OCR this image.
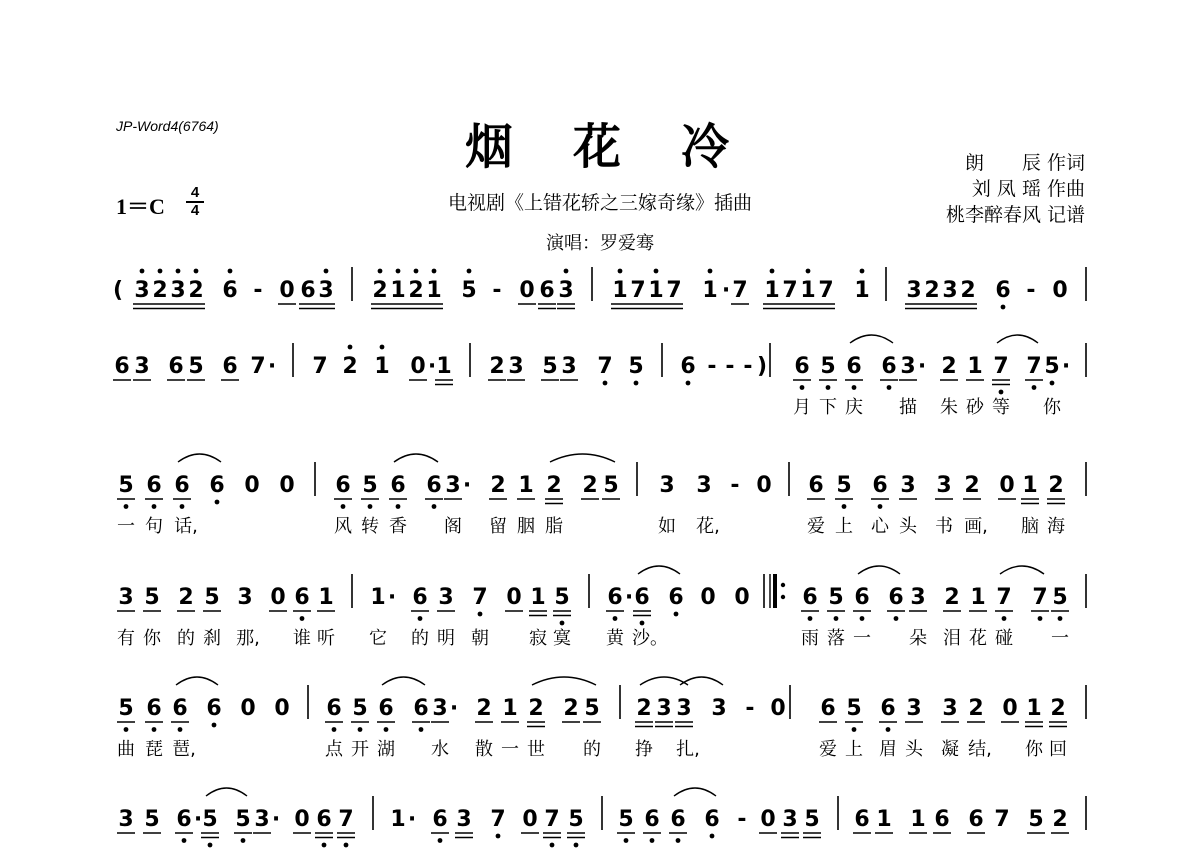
JP-Word4(6764)	烟　花　冷
电视剧《上错花轿之三嫁奇缘》插曲
演唱：罗爱骞
朗　　辰 作词
刘 凤 瑶 作曲
桃李醉春风 记谱
1＝C
4
4
( 3 2 3 2 6 - 0 6 3 2 1 2 1 5 - 0 6 3 1 7 1 7 1 · 7 1 7 1 7 1 3 2 3 2 6 - 0
6 3 6 5 6 7 · 7 2 1 0 · 1 2 3 5 3 7 5 6 - - - ) 6 5 6 6 3 · 2 1 7 7 5 ·
月 下 庆 描 朱 砂 等 你
5 6 6 6 0 0 6 5 6 6 3 · 2 1 2 2 5 3 3 - 0 6 5 6 3 3 2 0 1 2
一 句 话,	风 转 香 阁 留 胭 脂	如 花,	爱 上 心 头 书 画, 脑 海
3 5 2 5 3 0 6 1 1 · 6 3 7 0 1 5 6 · 6 6 0 0 6 5 6 6 3 2 1 7 7 5
有 你 的 刹 那, 谁 听 它 的 明 朝 寂 寞 黄 沙。	雨 落 一 朵 泪 花 碰 一
5 6 6 6 0 0 6 5 6 6 3 · 2 1 2 2 5 2 3 3 3 - 0 6 5 6 3 3 2 0 1 2
曲 琵 琶,	点 开 湖 水 散 一 世 的 挣 扎,	爱 上 眉 头 凝 结, 你 回
3 5 6 · 5 5 3 · 0 6 7 1 · 6 3 7 0 7 5 5 6 6 6 - 0 3 5 6 1 1 6 6 7 5 2
